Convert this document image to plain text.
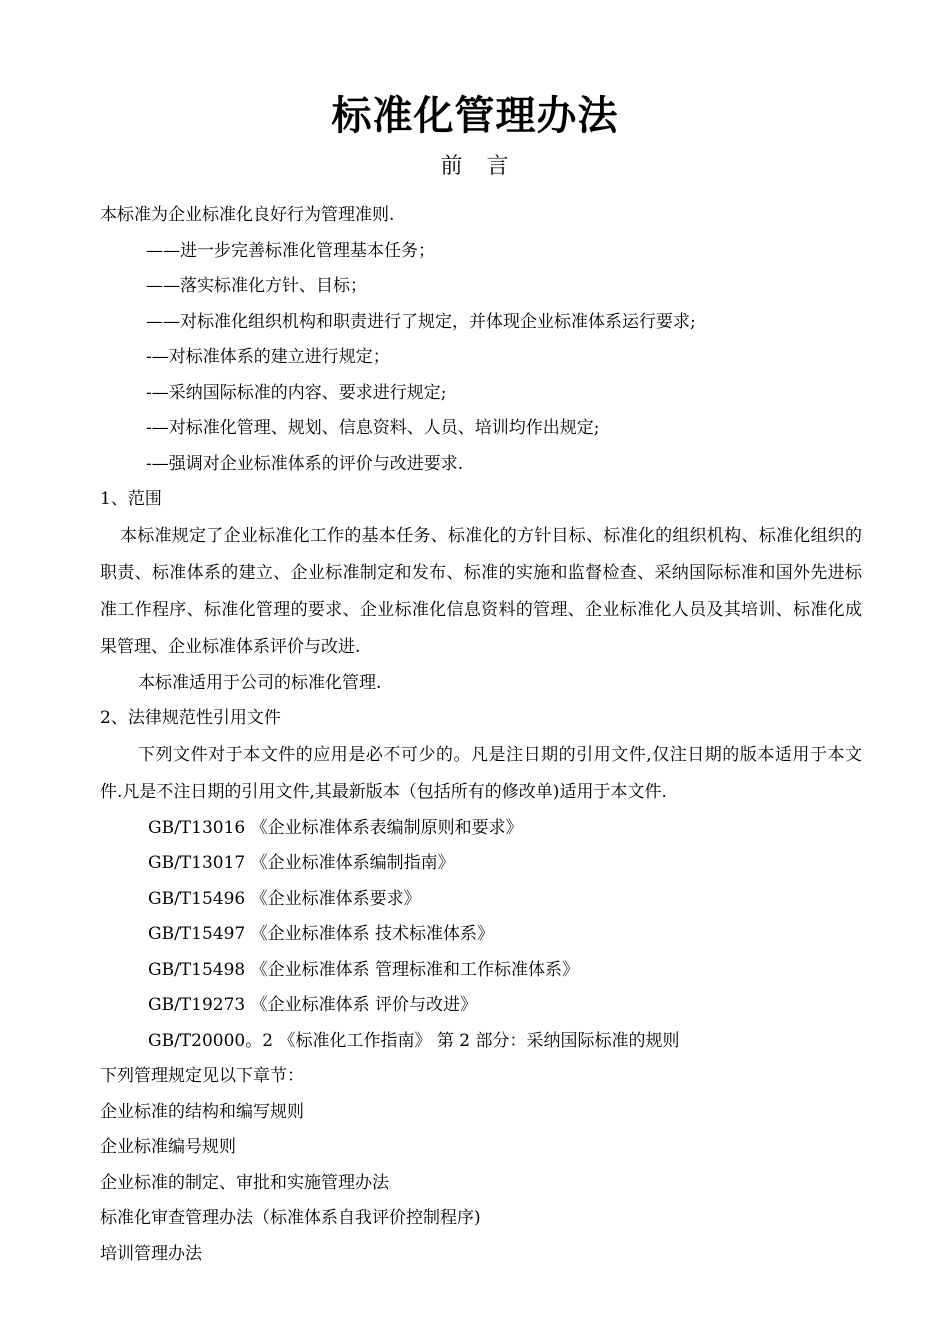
标准化管理办法
前　言
本标准为企业标准化良好行为管理准则.
——进一步完善标准化管理基本任务；
——落实标准化方针、目标；
——对标准化组织机构和职责进行了规定，并体现企业标准体系运行要求;
-—对标准体系的建立进行规定；
-—采纳国际标准的内容、要求进行规定;
-—对标准化管理、规划、信息资料、人员、培训均作出规定;
-—强调对企业标准体系的评价与改进要求.
1、范围
本标准规定了企业标准化工作的基本任务、标准化的方针目标、标准化的组织机构、标准化组织的职责、标准体系的建立、企业标准制定和发布、标准的实施和监督检查、采纳国际标准和国外先进标准工作程序、标准化管理的要求、企业标准化信息资料的管理、企业标准化人员及其培训、标准化成果管理、企业标准体系评价与改进.
本标准适用于公司的标准化管理.
2、法律规范性引用文件
下列文件对于本文件的应用是必不可少的。凡是注日期的引用文件,仅注日期的版本适用于本文件.凡是不注日期的引用文件,其最新版本（包括所有的修改单)适用于本文件.
GB/T13016 《企业标准体系表编制原则和要求》
GB/T13017 《企业标准体系编制指南》
GB/T15496 《企业标准体系要求》
GB/T15497 《企业标准体系 技术标准体系》
GB/T15498 《企业标准体系 管理标准和工作标准体系》
GB/T19273 《企业标准体系 评价与改进》
GB/T20000。2 《标准化工作指南》 第 2 部分：采纳国际标准的规则
下列管理规定见以下章节：
企业标准的结构和编写规则
企业标准编号规则
企业标准的制定、审批和实施管理办法
标准化审查管理办法（标准体系自我评价控制程序)
培训管理办法
